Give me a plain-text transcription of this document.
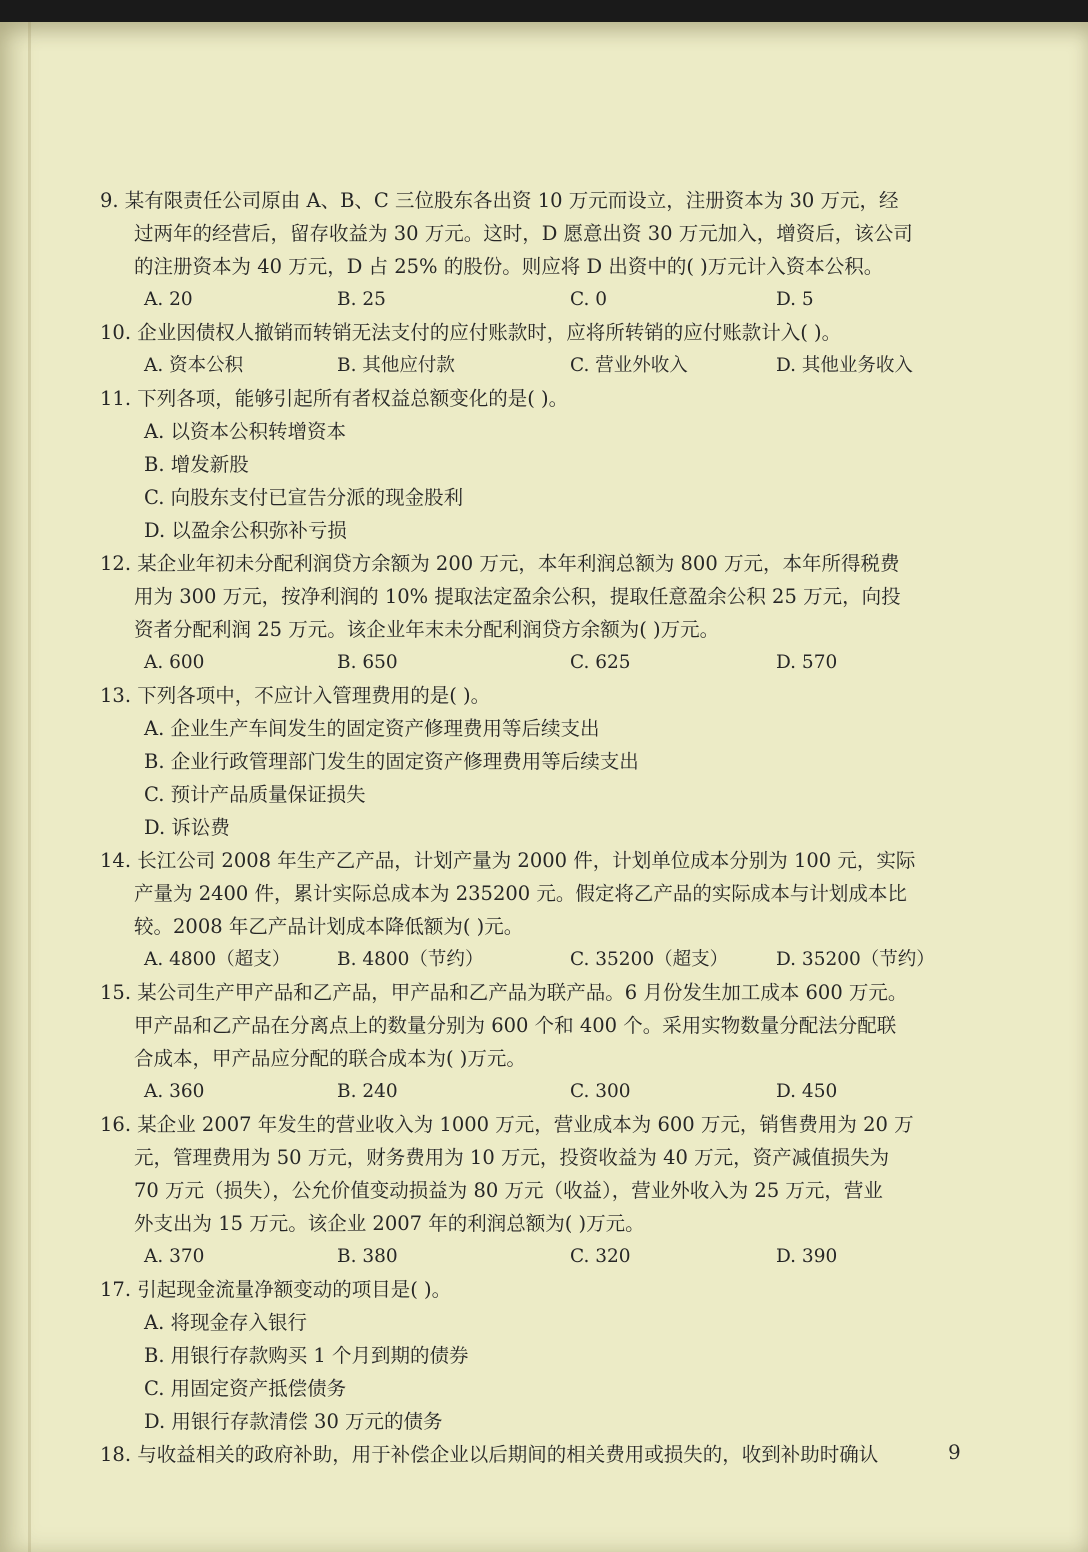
9. 某有限责任公司原由 A、B、C 三位股东各出资 10 万元而设立，注册资本为 30 万元，经
过两年的经营后，留存收益为 30 万元。这时，D 愿意出资 30 万元加入，增资后，该公司
的注册资本为 40 万元，D 占 25% 的股份。则应将 D 出资中的( )万元计入资本公积。
A. 20	B. 25	C. 0	D. 5
10. 企业因债权人撤销而转销无法支付的应付账款时，应将所转销的应付账款计入( )。
A. 资本公积	B. 其他应付款	C. 营业外收入	D. 其他业务收入
11. 下列各项，能够引起所有者权益总额变化的是( )。
A. 以资本公积转增资本
B. 增发新股
C. 向股东支付已宣告分派的现金股利
D. 以盈余公积弥补亏损
12. 某企业年初未分配利润贷方余额为 200 万元，本年利润总额为 800 万元，本年所得税费
用为 300 万元，按净利润的 10% 提取法定盈余公积，提取任意盈余公积 25 万元，向投
资者分配利润 25 万元。该企业年末未分配利润贷方余额为( )万元。
A. 600	B. 650	C. 625	D. 570
13. 下列各项中，不应计入管理费用的是( )。
A. 企业生产车间发生的固定资产修理费用等后续支出
B. 企业行政管理部门发生的固定资产修理费用等后续支出
C. 预计产品质量保证损失
D. 诉讼费
14. 长江公司 2008 年生产乙产品，计划产量为 2000 件，计划单位成本分别为 100 元，实际
产量为 2400 件，累计实际总成本为 235200 元。假定将乙产品的实际成本与计划成本比
较。2008 年乙产品计划成本降低额为( )元。
A. 4800（超支）	B. 4800（节约）	C. 35200（超支）	D. 35200（节约）
15. 某公司生产甲产品和乙产品，甲产品和乙产品为联产品。6 月份发生加工成本 600 万元。
甲产品和乙产品在分离点上的数量分别为 600 个和 400 个。采用实物数量分配法分配联
合成本，甲产品应分配的联合成本为( )万元。
A. 360	B. 240	C. 300	D. 450
16. 某企业 2007 年发生的营业收入为 1000 万元，营业成本为 600 万元，销售费用为 20 万
元，管理费用为 50 万元，财务费用为 10 万元，投资收益为 40 万元，资产减值损失为
70 万元（损失），公允价值变动损益为 80 万元（收益），营业外收入为 25 万元，营业
外支出为 15 万元。该企业 2007 年的利润总额为( )万元。
A. 370	B. 380	C. 320	D. 390
17. 引起现金流量净额变动的项目是( )。
A. 将现金存入银行
B. 用银行存款购买 1 个月到期的债券
C. 用固定资产抵偿债务
D. 用银行存款清偿 30 万元的债务
18. 与收益相关的政府补助，用于补偿企业以后期间的相关费用或损失的，收到补助时确认	9
